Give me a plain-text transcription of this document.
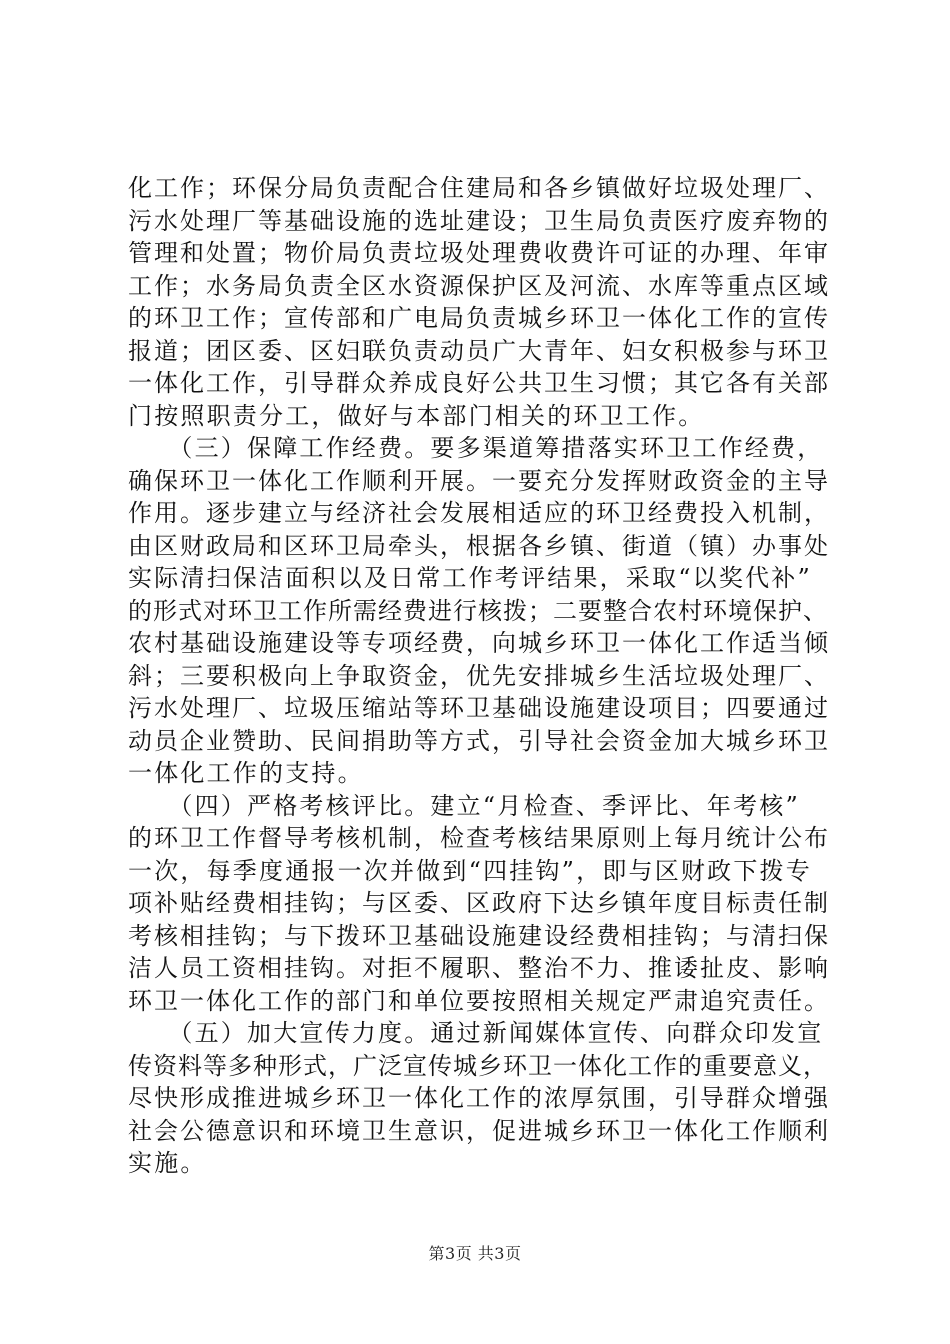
化工作；环保分局负责配合住建局和各乡镇做好垃圾处理厂、
污水处理厂等基础设施的选址建设；卫生局负责医疗废弃物的
管理和处置；物价局负责垃圾处理费收费许可证的办理、年审
工作；水务局负责全区水资源保护区及河流、水库等重点区域
的环卫工作；宣传部和广电局负责城乡环卫一体化工作的宣传
报道；团区委、区妇联负责动员广大青年、妇女积极参与环卫
一体化工作，引导群众养成良好公共卫生习惯；其它各有关部
门按照职责分工，做好与本部门相关的环卫工作。
　　（三）保障工作经费。要多渠道筹措落实环卫工作经费，
确保环卫一体化工作顺利开展。一要充分发挥财政资金的主导
作用。逐步建立与经济社会发展相适应的环卫经费投入机制，
由区财政局和区环卫局牵头，根据各乡镇、街道（镇）办事处
实际清扫保洁面积以及日常工作考评结果，采取“以奖代补”
的形式对环卫工作所需经费进行核拨；二要整合农村环境保护、
农村基础设施建设等专项经费，向城乡环卫一体化工作适当倾
斜；三要积极向上争取资金，优先安排城乡生活垃圾处理厂、
污水处理厂、垃圾压缩站等环卫基础设施建设项目；四要通过
动员企业赞助、民间捐助等方式，引导社会资金加大城乡环卫
一体化工作的支持。
　　（四）严格考核评比。建立“月检查、季评比、年考核”
的环卫工作督导考核机制，检查考核结果原则上每月统计公布
一次，每季度通报一次并做到“四挂钩”，即与区财政下拨专
项补贴经费相挂钩；与区委、区政府下达乡镇年度目标责任制
考核相挂钩；与下拨环卫基础设施建设经费相挂钩；与清扫保
洁人员工资相挂钩。对拒不履职、整治不力、推诿扯皮、影响
环卫一体化工作的部门和单位要按照相关规定严肃追究责任。
　　（五）加大宣传力度。通过新闻媒体宣传、向群众印发宣
传资料等多种形式，广泛宣传城乡环卫一体化工作的重要意义，
尽快形成推进城乡环卫一体化工作的浓厚氛围，引导群众增强
社会公德意识和环境卫生意识，促进城乡环卫一体化工作顺利
实施。
第3页 共3页
